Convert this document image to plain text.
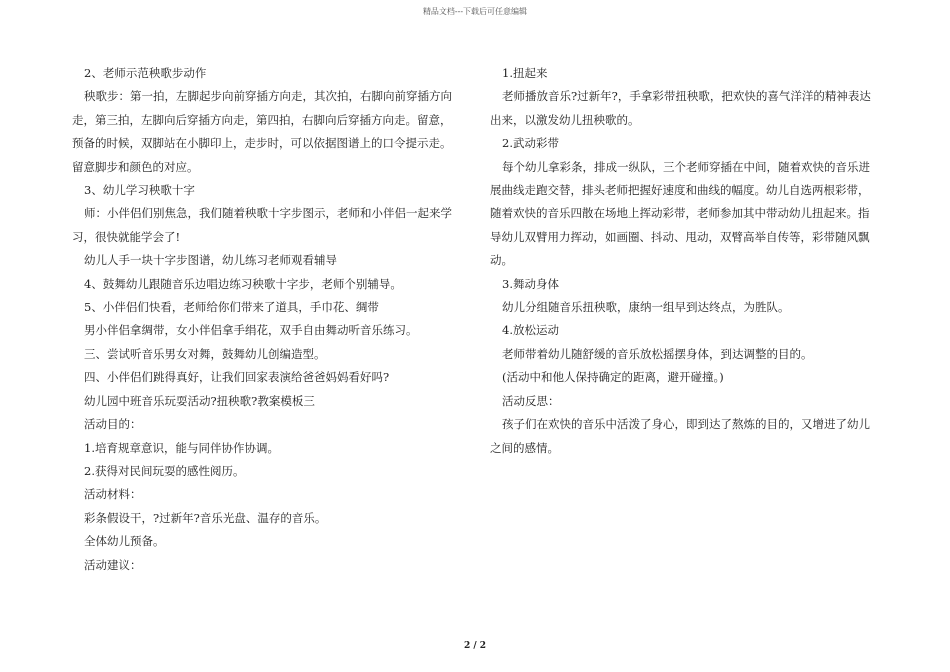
精品文档---下载后可任意编辑

2、老师示范秧歌步动作

秧歌步：第一拍，左脚起步向前穿插方向走，其次拍，右脚向前穿插方向走，第三拍，左脚向后穿插方向走，第四拍，右脚向后穿插方向走。留意，预备的时候，双脚站在小脚印上，走步时，可以依据图谱上的口令提示走。留意脚步和颜色的对应。

3、幼儿学习秧歌十字

师：小伴侣们别焦急，我们随着秧歌十字步图示，老师和小伴侣一起来学习，很快就能学会了!

幼儿人手一块十字步图谱，幼儿练习老师观看辅导

4、鼓舞幼儿跟随音乐边唱边练习秧歌十字步，老师个别辅导。

5、小伴侣们快看，老师给你们带来了道具，手巾花、绸带

男小伴侣拿绸带，女小伴侣拿手绢花，双手自由舞动听音乐练习。

三、尝试听音乐男女对舞，鼓舞幼儿创编造型。

四、小伴侣们跳得真好，让我们回家表演给爸爸妈妈看好吗?

幼儿园中班音乐玩耍活动?扭秧歌?教案模板三

活动目的：

1.培育规章意识，能与同伴协作协调。

2.获得对民间玩耍的感性阅历。

活动材料：

彩条假设干，?过新年?音乐光盘、温存的音乐。

全体幼儿预备。

活动建议：

1.扭起来

老师播放音乐?过新年?，手拿彩带扭秧歌，把欢快的喜气洋洋的精神表达出来，以激发幼儿扭秧歌的。

2.武动彩带

每个幼儿拿彩条，排成一纵队，三个老师穿插在中间，随着欢快的音乐进展曲线走跑交替，排头老师把握好速度和曲线的幅度。幼儿自选两根彩带，随着欢快的音乐四散在场地上挥动彩带，老师参加其中带动幼儿扭起来。指导幼儿双臂用力挥动，如画圈、抖动、甩动，双臂高举自传等，彩带随风飘动。

3.舞动身体

幼儿分组随音乐扭秧歌，康纳一组早到达终点，为胜队。

4.放松运动

老师带着幼儿随舒缓的音乐放松摇摆身体，到达调整的目的。

(活动中和他人保持确定的距离，避开碰撞。)

活动反思：

孩子们在欢快的音乐中活泼了身心，即到达了熬炼的目的，又增进了幼儿之间的感情。

2 / 2
